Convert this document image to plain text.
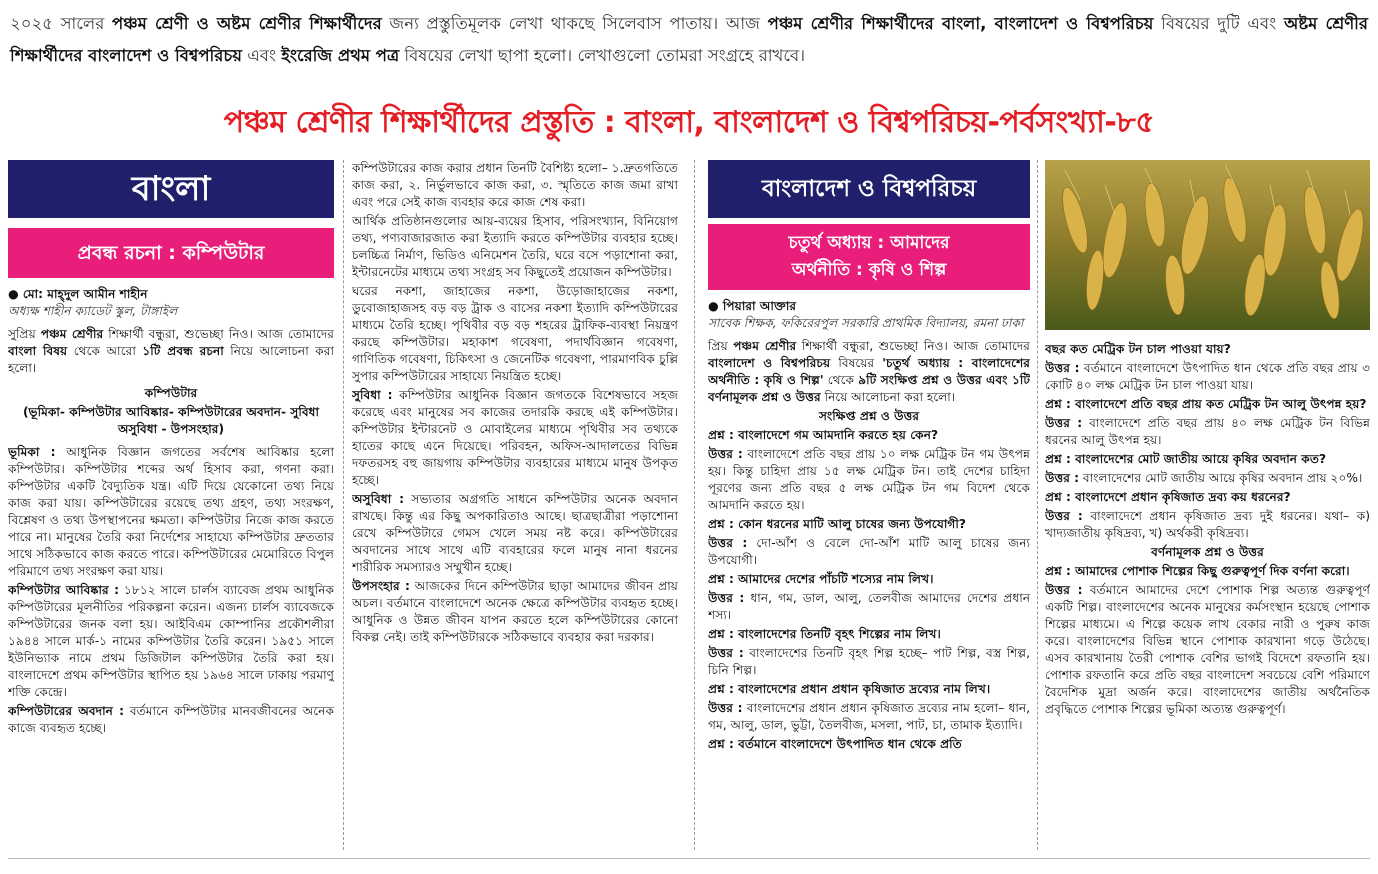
২০২৫ সালের পঞ্চম শ্রেণী ও অষ্টম শ্রেণীর শিক্ষার্থীদের জন্য প্রস্তুতিমূলক লেখা থাকছে সিলেবাস পাতায়। আজ পঞ্চম শ্রেণীর শিক্ষার্থীদের বাংলা, বাংলাদেশ ও বিশ্বপরিচয় বিষয়ের দুটি এবং অষ্টম শ্রেণীর শিক্ষার্থীদের বাংলাদেশ ও বিশ্বপরিচয় এবং ইংরেজি প্রথম পত্র বিষয়ের লেখা ছাপা হলো। লেখাগুলো তোমরা সংগ্রহে রাখবে।
পঞ্চম শ্রেণীর শিক্ষার্থীদের প্রস্তুতি : বাংলা, বাংলাদেশ ও বিশ্বপরিচয়-পর্বসংখ্যা-৮৫
বাংলা
প্রবন্ধ রচনা : কম্পিউটার
● মো: মাহ্‌দুল আমীন শাহীন
অধ্যক্ষ শাহীন ক্যাডেট স্কুল, টাঙ্গাইল

সুপ্রিয় পঞ্চম শ্রেণীর শিক্ষার্থী বন্ধুরা, শুভেচ্ছা নিও। আজ তোমাদের বাংলা বিষয় থেকে আরো ১টি প্রবন্ধ রচনা নিয়ে আলোচনা করা হলো।

কম্পিউটার

(ভূমিকা- কম্পিউটার আবিষ্কার- কম্পিউটারের অবদান- সুবিধা অসুবিধা - উপসংহার)

ভূমিকা : আধুনিক বিজ্ঞান জগতের সর্বশেষ আবিষ্কার হলো কম্পিউটার। কম্পিউটার শব্দের অর্থ হিসাব করা, গণনা করা। কম্পিউটার একটি বৈদ্যুতিক যন্ত্র। এটি দিয়ে যেকোনো তথ্য নিয়ে কাজ করা যায়। কম্পিউটারের রয়েছে তথ্য গ্রহণ, তথ্য সংরক্ষণ, বিশ্লেষণ ও তথ্য উপস্থাপনের ক্ষমতা। কম্পিউটার নিজে কাজ করতে পারে না। মানুষের তৈরি করা নির্দেশের সাহায্যে কম্পিউটার দ্রুততার সাথে সঠিকভাবে কাজ করতে পারে। কম্পিউটারের মেমোরিতে বিপুল পরিমাণে তথ্য সংরক্ষণ করা যায়।

কম্পিউটার আবিষ্কার : ১৮১২ সালে চার্লস ব্যাবেজ প্রথম আধুনিক কম্পিউটারের মূলনীতির পরিকল্পনা করেন। এজন্য চার্লস ব্যাবেজকে কম্পিউটারের জনক বলা হয়। আইবিএম কোম্পানির প্রকৌশলীরা ১৯৪৪ সালে মার্ক-১ নামের কম্পিউটার তৈরি করেন। ১৯৫১ সালে ইউনিভ্যাক নামে প্রথম ডিজিটাল কম্পিউটার তৈরি করা হয়। বাংলাদেশে প্রথম কম্পিউটার স্থাপিত হয় ১৯৬৪ সালে ঢাকায় পরমাণু শক্তি কেন্দ্রে।

কম্পিউটারের অবদান : বর্তমানে কম্পিউটার মানবজীবনের অনেক কাজে ব্যবহৃত হচ্ছে।

কম্পিউটারের কাজ করার প্রধান তিনটি বৈশিষ্ট্য হলো– ১.দ্রুতগতিতে কাজ করা, ২. নির্ভুলভাবে কাজ করা, ৩. স্মৃতিতে কাজ জমা রাখা এবং পরে সেই কাজ ব্যবহার করে কাজ শেষ করা।

আর্থিক প্রতিষ্ঠানগুলোর আয়-ব্যয়ের হিসাব, পরিসংখ্যান, বিনিয়োগ তথ্য, পণ্যবাজারজাত করা ইত্যাদি করতে কম্পিউটার ব্যবহার হচ্ছে। চলচ্চিত্র নির্মাণ, ভিডিও এনিমেশন তৈরি, ঘরে বসে পড়াশোনা করা, ইন্টারনেটের মাধ্যমে তথ্য সংগ্রহ সব কিছুতেই প্রয়োজন কম্পিউটার।

ঘরের নকশা, জাহাজের নকশা, উড়োজাহাজের নকশা, ডুবোজাহাজসহ বড় বড় ট্রাক ও বাসের নকশা ইত্যাদি কম্পিউটারের মাধ্যমে তৈরি হচ্ছে। পৃথিবীর বড় বড় শহরের ট্রাফিক-ব্যবস্থা নিয়ন্ত্রণ করছে কম্পিউটার। মহাকাশ গবেষণা, পদার্থবিজ্ঞান গবেষণা, গাণিতিক গবেষণা, চিকিৎসা ও জেনেটিক গবেষণা, পারমাণবিক চুল্লি সুপার কম্পিউটারের সাহায্যে নিয়ন্ত্রিত হচ্ছে।

সুবিধা : কম্পিউটার আধুনিক বিজ্ঞান জগতকে বিশেষভাবে সহজ করেছে এবং মানুষের সব কাজের তদারকি করছে এই কম্পিউটার। কম্পিউটার ইন্টারনেট ও মোবাইলের মাধ্যমে পৃথিবীর সব তথ্যকে হাতের কাছে এনে দিয়েছে। পরিবহন, অফিস-আদালতের বিভিন্ন দফতরসহ বহু জায়গায় কম্পিউটার ব্যবহারের মাধ্যমে মানুষ উপকৃত হচ্ছে।

অসুবিধা : সভ্যতার অগ্রগতি সাধনে কম্পিউটার অনেক অবদান রাখছে। কিন্তু এর কিছু অপকারিতাও আছে। ছাত্রছাত্রীরা পড়াশোনা রেখে কম্পিউটারে গেমস খেলে সময় নষ্ট করে। কম্পিউটারের অবদানের সাথে সাথে এটি ব্যবহারের ফলে মানুষ নানা ধরনের শারীরিক সমস্যারও সম্মুখীন হচ্ছে।

উপসংহার : আজকের দিনে কম্পিউটার ছাড়া আমাদের জীবন প্রায় অচল। বর্তমানে বাংলাদেশে অনেক ক্ষেত্রে কম্পিউটার ব্যবহৃত হচ্ছে। আধুনিক ও উন্নত জীবন যাপন করতে হলে কম্পিউটারের কোনো বিকল্প নেই। তাই কম্পিউটারকে সঠিকভাবে ব্যবহার করা দরকার।

বাংলাদেশ ও বিশ্বপরিচয়
চতুর্থ অধ্যায় : আমাদের
অর্থনীতি : কৃষি ও শিল্প
● পিয়ারা আক্তার
সাবেক শিক্ষক, ফকিরেরপুল সরকারি প্রাথমিক বিদ্যালয়, রমনা ঢাকা

প্রিয় পঞ্চম শ্রেণীর শিক্ষার্থী বন্ধুরা, শুভেচ্ছা নিও। আজ তোমাদের বাংলাদেশ ও বিশ্বপরিচয় বিষয়ের 'চতুর্থ অধ্যায় : বাংলাদেশের অর্থনীতি : কৃষি ও শিল্প' থেকে ৯টি সংক্ষিপ্ত প্রশ্ন ও উত্তর এবং ১টি বর্ণনামূলক প্রশ্ন ও উত্তর নিয়ে আলোচনা করা হলো।

সংক্ষিপ্ত প্রশ্ন ও উত্তর

প্রশ্ন : বাংলাদেশে গম আমদানি করতে হয় কেন?

উত্তর : বাংলাদেশে প্রতি বছর প্রায় ১০ লক্ষ মেট্রিক টন গম উৎপন্ন হয়। কিন্তু চাহিদা প্রায় ১৫ লক্ষ মেট্রিক টন। তাই দেশের চাহিদা পূরণের জন্য প্রতি বছর ৫ লক্ষ মেট্রিক টন গম বিদেশ থেকে আমদানি করতে হয়।

প্রশ্ন : কোন ধরনের মাটি আলু চাষের জন্য উপযোগী?

উত্তর : দো-আঁশ ও বেলে দো-আঁশ মাটি আলু চাষের জন্য উপযোগী।

প্রশ্ন : আমাদের দেশের পাঁচটি শস্যের নাম লিখ।

উত্তর : ধান, গম, ডাল, আলু, তেলবীজ আমাদের দেশের প্রধান শস্য।

প্রশ্ন : বাংলাদেশের তিনটি বৃহৎ শিল্পের নাম লিখ।

উত্তর : বাংলাদেশের তিনটি বৃহৎ শিল্প হচ্ছে– পাট শিল্প, বস্ত্র শিল্প, চিনি শিল্প।

প্রশ্ন : বাংলাদেশের প্রধান প্রধান কৃষিজাত দ্রব্যের নাম লিখ।

উত্তর : বাংলাদেশের প্রধান প্রধান কৃষিজাত দ্রব্যের নাম হলো– ধান, গম, আলু, ডাল, ভুট্টা, তৈলবীজ, মসলা, পাট, চা, তামাক ইত্যাদি।

প্রশ্ন : বর্তমানে বাংলাদেশে উৎপাদিত ধান থেকে প্রতি

বছর কত মেট্রিক টন চাল পাওয়া যায়?

উত্তর : বর্তমানে বাংলাদেশে উৎপাদিত ধান থেকে প্রতি বছর প্রায় ৩ কোটি ৪০ লক্ষ মেট্রিক টন চাল পাওয়া যায়।

প্রশ্ন : বাংলাদেশে প্রতি বছর প্রায় কত মেট্রিক টন আলু উৎপন্ন হয়?

উত্তর : বাংলাদেশে প্রতি বছর প্রায় ৪০ লক্ষ মেট্রিক টন বিভিন্ন ধরনের আলু উৎপন্ন হয়।

প্রশ্ন : বাংলাদেশের মোট জাতীয় আয়ে কৃষির অবদান কত?

উত্তর : বাংলাদেশের মোট জাতীয় আয়ে কৃষির অবদান প্রায় ২০%।

প্রশ্ন : বাংলাদেশে প্রধান কৃষিজাত দ্রব্য কয় ধরনের?

উত্তর : বাংলাদেশে প্রধান কৃষিজাত দ্রব্য দুই ধরনের। যথা– ক) খাদ্যজাতীয় কৃষিদ্রব্য, খ) অর্থকরী কৃষিদ্রব্য।

বর্ণনামূলক প্রশ্ন ও উত্তর

প্রশ্ন : আমাদের পোশাক শিল্পের কিছু গুরুত্বপূর্ণ দিক বর্ণনা করো।

উত্তর : বর্তমানে আমাদের দেশে পোশাক শিল্প অত্যন্ত গুরুত্বপূর্ণ একটি শিল্প। বাংলাদেশের অনেক মানুষের কর্মসংস্থান হয়েছে পোশাক শিল্পের মাধ্যমে। এ শিল্পে কয়েক লাখ বেকার নারী ও পুরুষ কাজ করে। বাংলাদেশের বিভিন্ন স্থানে পোশাক কারখানা গড়ে উঠেছে। এসব কারখানায় তৈরী পোশাক বেশির ভাগই বিদেশে রফতানি হয়। পোশাক রফতানি করে প্রতি বছর বাংলাদেশ সবচেয়ে বেশি পরিমাণে বৈদেশিক মুদ্রা অর্জন করে। বাংলাদেশের জাতীয় অর্থনৈতিক প্রবৃদ্ধিতে পোশাক শিল্পের ভূমিকা অত্যন্ত গুরুত্বপূর্ণ।
